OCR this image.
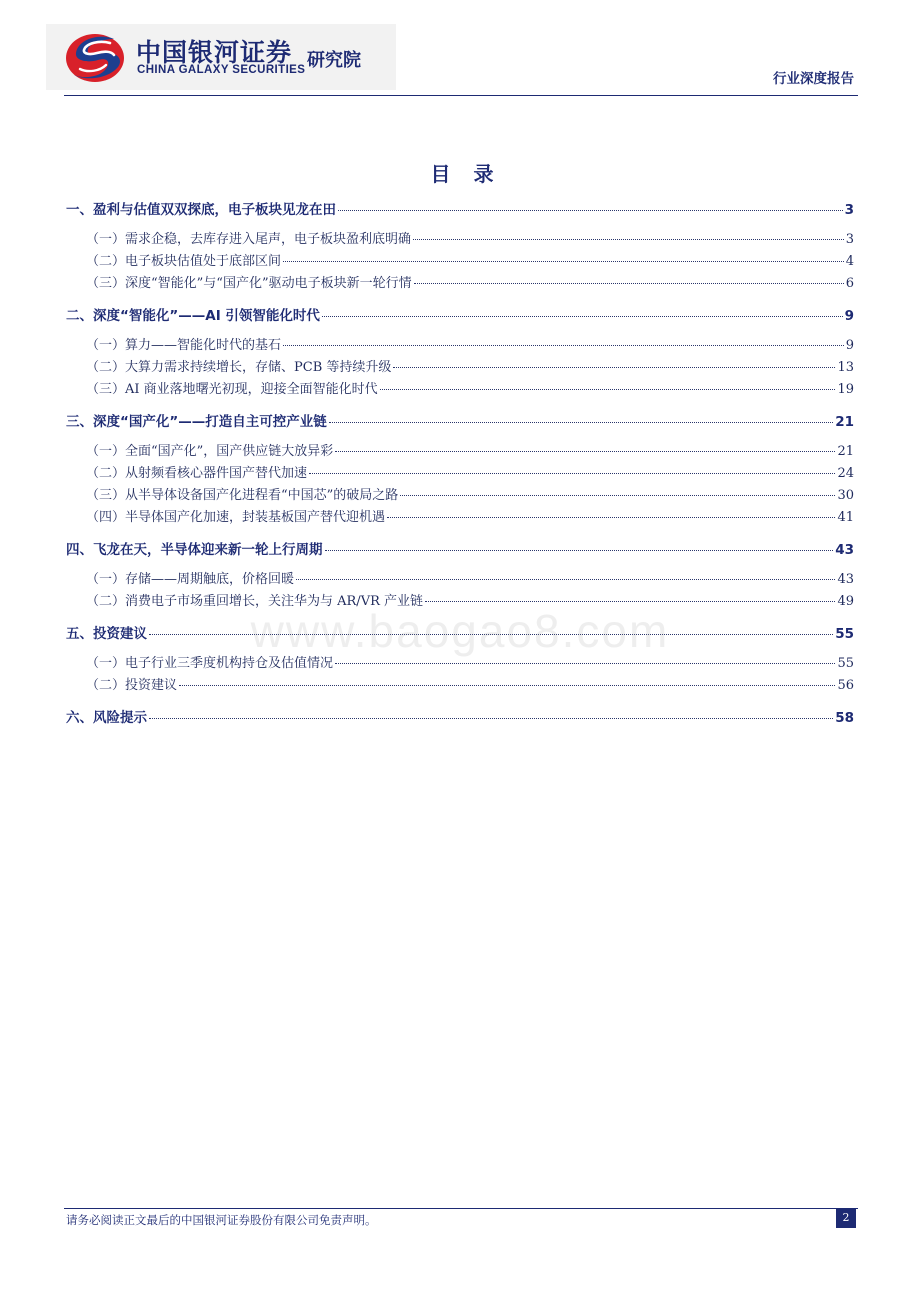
中国银河证券
CHINA GALAXY SECURITIES 研究院
行业深度报告
目 录
一、盈利与估值双双探底，电子板块见龙在田	3
（一）需求企稳，去库存进入尾声，电子板块盈利底明确	3
（二）电子板块估值处于底部区间	4
（三）深度“智能化”与“国产化”驱动电子板块新一轮行情	6
二、深度“智能化”——AI 引领智能化时代	9
（一）算力——智能化时代的基石	9
（二）大算力需求持续增长，存储、PCB 等持续升级	13
（三）AI 商业落地曙光初现，迎接全面智能化时代	19
三、深度“国产化”——打造自主可控产业链	21
（一）全面“国产化”，国产供应链大放异彩	21
（二）从射频看核心器件国产替代加速	24
（三）从半导体设备国产化进程看“中国芯”的破局之路	30
（四）半导体国产化加速，封装基板国产替代迎机遇	41
四、飞龙在天，半导体迎来新一轮上行周期	43
（一）存储——周期触底，价格回暖	43
（二）消费电子市场重回增长，关注华为与 AR/VR 产业链	49
五、投资建议	55
（一）电子行业三季度机构持仓及估值情况	55
（二）投资建议	56
六、风险提示	58
www.baogao8.com
请务必阅读正文最后的中国银河证券股份有限公司免责声明。	2
